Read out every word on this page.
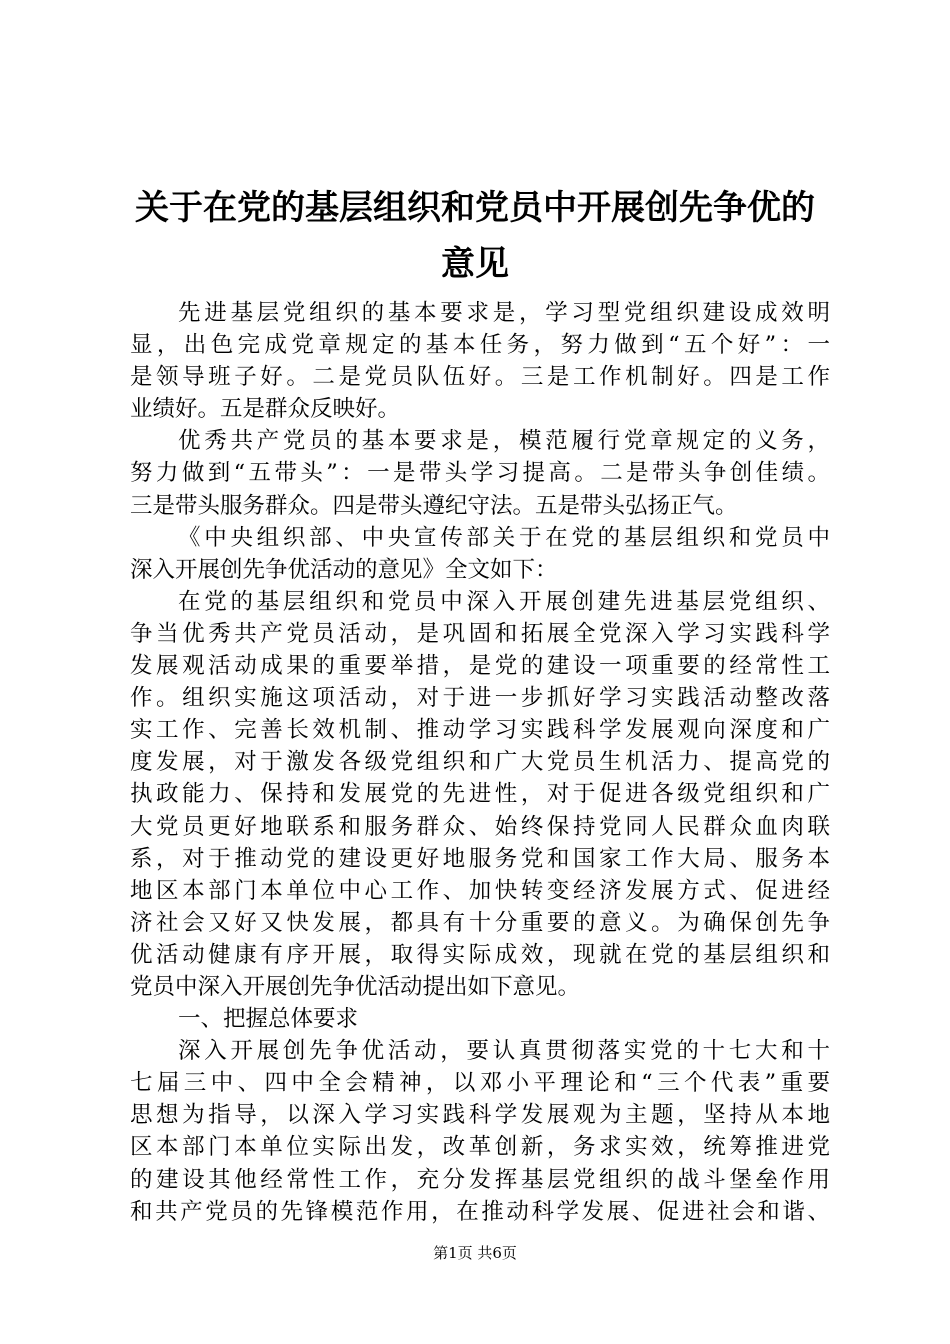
关于在党的基层组织和党员中开展创先争优的
意见
先进基层党组织的基本要求是，学习型党组织建设成效明
显，出色完成党章规定的基本任务，努力做到“五个好”：一
是领导班子好。二是党员队伍好。三是工作机制好。四是工作
业绩好。五是群众反映好。
优秀共产党员的基本要求是，模范履行党章规定的义务，
努力做到“五带头”：一是带头学习提高。二是带头争创佳绩。
三是带头服务群众。四是带头遵纪守法。五是带头弘扬正气。
《中央组织部、中央宣传部关于在党的基层组织和党员中
深入开展创先争优活动的意见》全文如下：
在党的基层组织和党员中深入开展创建先进基层党组织、
争当优秀共产党员活动，是巩固和拓展全党深入学习实践科学
发展观活动成果的重要举措，是党的建设一项重要的经常性工
作。组织实施这项活动，对于进一步抓好学习实践活动整改落
实工作、完善长效机制、推动学习实践科学发展观向深度和广
度发展，对于激发各级党组织和广大党员生机活力、提高党的
执政能力、保持和发展党的先进性，对于促进各级党组织和广
大党员更好地联系和服务群众、始终保持党同人民群众血肉联
系，对于推动党的建设更好地服务党和国家工作大局、服务本
地区本部门本单位中心工作、加快转变经济发展方式、促进经
济社会又好又快发展，都具有十分重要的意义。为确保创先争
优活动健康有序开展，取得实际成效，现就在党的基层组织和
党员中深入开展创先争优活动提出如下意见。
一、把握总体要求
深入开展创先争优活动，要认真贯彻落实党的十七大和十
七届三中、四中全会精神，以邓小平理论和“三个代表”重要
思想为指导，以深入学习实践科学发展观为主题，坚持从本地
区本部门本单位实际出发，改革创新，务求实效，统筹推进党
的建设其他经常性工作，充分发挥基层党组织的战斗堡垒作用
和共产党员的先锋模范作用，在推动科学发展、促进社会和谐、
第1页 共6页
